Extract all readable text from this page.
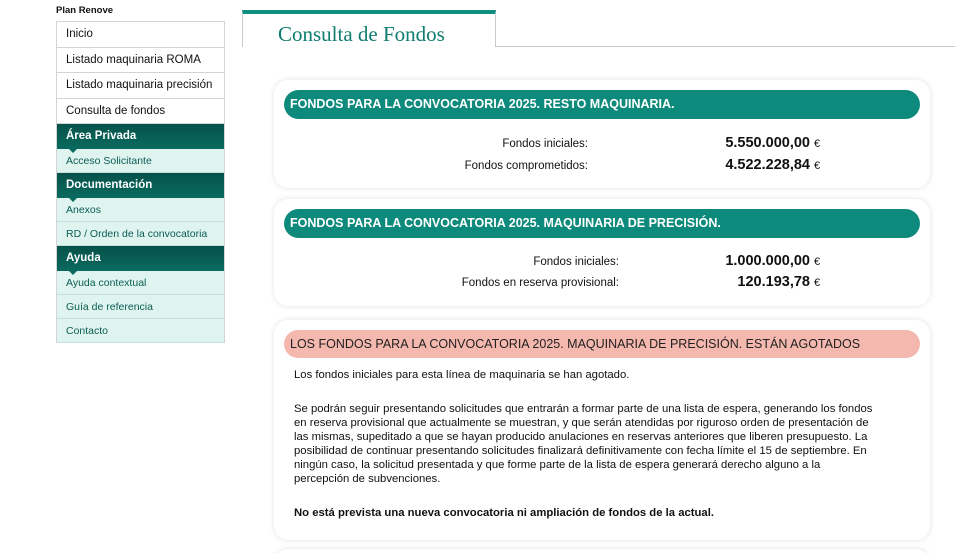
Plan Renove
Inicio
Listado maquinaria ROMA
Listado maquinaria precisión
Consulta de fondos
Área Privada
Acceso Solicitante
Documentación
Anexos
RD / Orden de la convocatoria
Ayuda
Ayuda contextual
Guía de referencia
Contacto
Consulta de Fondos
FONDOS PARA LA CONVOCATORIA 2025. RESTO MAQUINARIA.
Fondos iniciales:	5.550.000,00 €
Fondos comprometidos:	4.522.228,84 €
FONDOS PARA LA CONVOCATORIA 2025. MAQUINARIA DE PRECISIÓN.
Fondos iniciales:	1.000.000,00 €
Fondos en reserva provisional:	120.193,78 €
LOS FONDOS PARA LA CONVOCATORIA 2025. MAQUINARIA DE PRECISIÓN. ESTÁN AGOTADOS

Los fondos iniciales para esta línea de maquinaria se han agotado.

Se podrán seguir presentando solicitudes que entrarán a formar parte de una lista de espera, generando los fondos
en reserva provisional que actualmente se muestran, y que serán atendidas por riguroso orden de presentación de
las mismas, supeditado a que se hayan producido anulaciones en reservas anteriores que liberen presupuesto. La
posibilidad de continuar presentando solicitudes finalizará definitivamente con fecha límite el 15 de septiembre. En
ningún caso, la solicitud presentada y que forme parte de la lista de espera generará derecho alguno a la
percepción de subvenciones.

No está prevista una nueva convocatoria ni ampliación de fondos de la actual.
